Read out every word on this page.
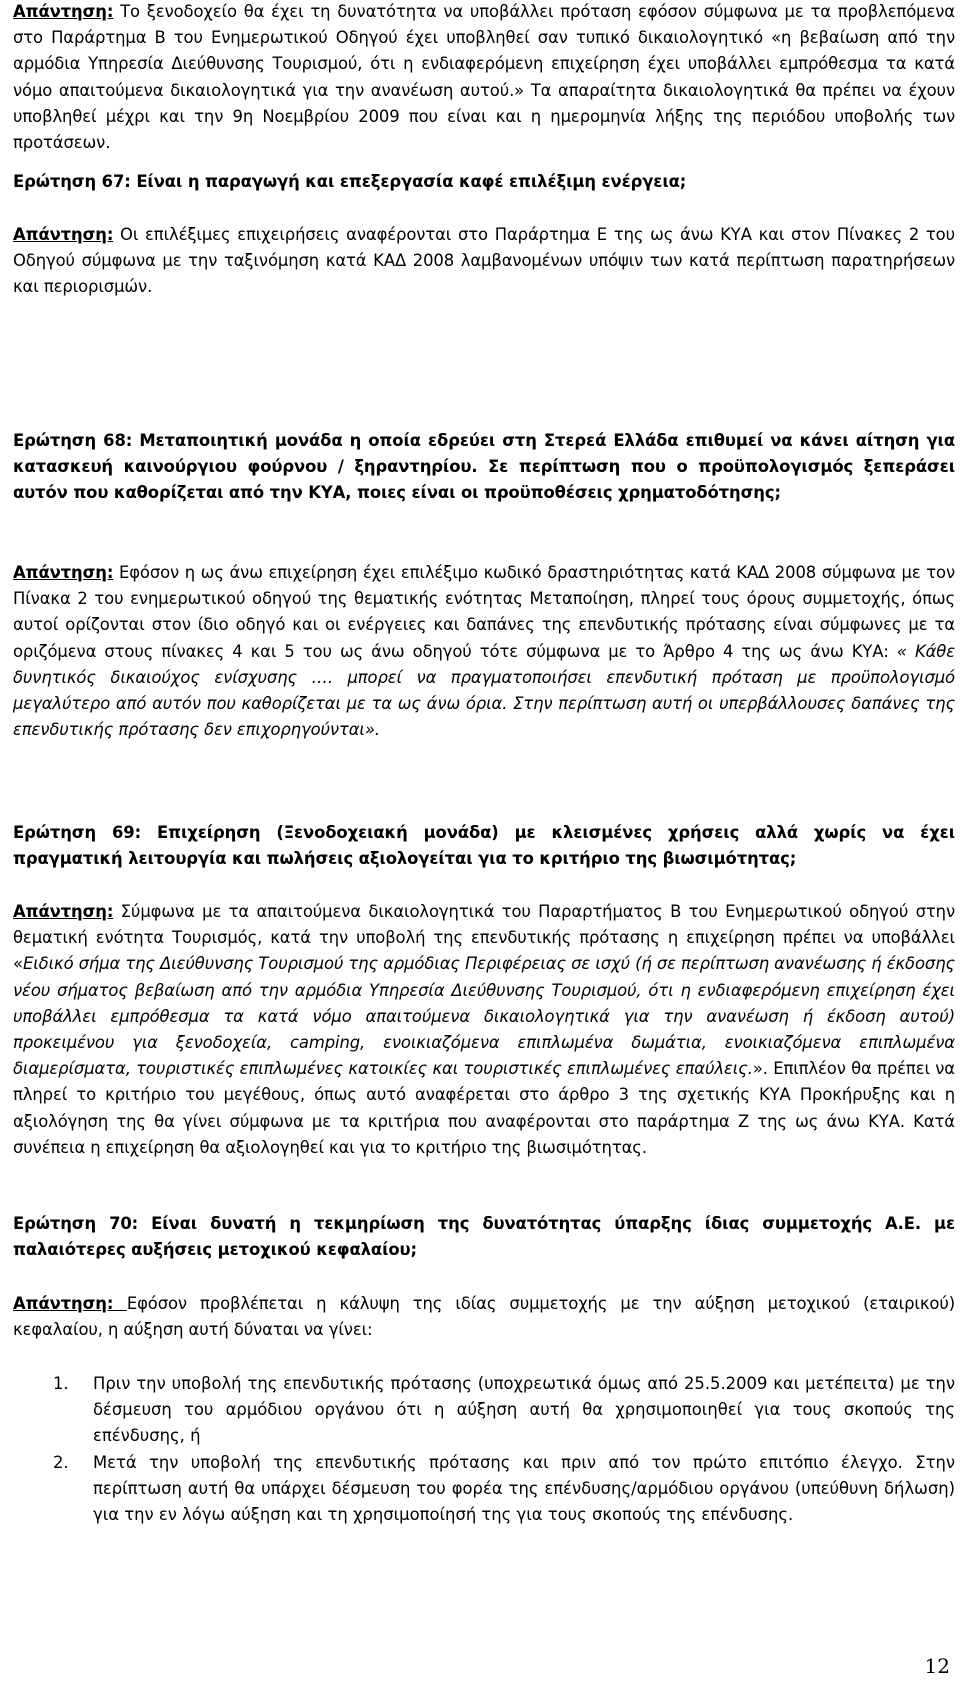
Απάντηση: Το ξενοδοχείο θα έχει τη δυνατότητα να υποβάλλει πρόταση εφόσον σύμφωνα με τα προβλεπόμενα στο Παράρτημα Β του Ενημερωτικού Οδηγού έχει υποβληθεί σαν τυπικό δικαιολογητικό «η βεβαίωση από την αρμόδια Υπηρεσία Διεύθυνσης Τουρισμού, ότι η ενδιαφερόμενη επιχείρηση έχει υποβάλλει εμπρόθεσμα τα κατά νόμο απαιτούμενα δικαιολογητικά για την ανανέωση αυτού.» Τα απαραίτητα δικαιολογητικά θα πρέπει να έχουν υποβληθεί μέχρι και την 9η Νοεμβρίου 2009 που είναι και η ημερομηνία λήξης της περιόδου υποβολής των προτάσεων.

Ερώτηση 67: Είναι η παραγωγή και επεξεργασία καφέ επιλέξιμη ενέργεια;

Απάντηση: Οι επιλέξιμες επιχειρήσεις αναφέρονται στο Παράρτημα Ε της ως άνω ΚΥΑ και στον Πίνακες 2 του Οδηγού σύμφωνα με την ταξινόμηση κατά ΚΑΔ 2008 λαμβανομένων υπόψιν των κατά περίπτωση παρατηρήσεων και περιορισμών.

Ερώτηση 68: Μεταποιητική μονάδα η οποία εδρεύει στη Στερεά Ελλάδα επιθυμεί να κάνει αίτηση για κατασκευή καινούργιου φούρνου / ξηραντηρίου. Σε περίπτωση που ο προϋπολογισμός ξεπεράσει αυτόν που καθορίζεται από την ΚΥΑ, ποιες είναι οι προϋποθέσεις χρηματοδότησης;

Απάντηση: Εφόσον η ως άνω επιχείρηση έχει επιλέξιμο κωδικό δραστηριότητας κατά ΚΑΔ 2008 σύμφωνα με τον Πίνακα 2 του ενημερωτικού οδηγού της θεματικής ενότητας Μεταποίηση, πληρεί τους όρους συμμετοχής, όπως αυτοί ορίζονται στον ίδιο οδηγό και οι ενέργειες και δαπάνες της επενδυτικής πρότασης είναι σύμφωνες με τα οριζόμενα στους πίνακες 4 και 5 του ως άνω οδηγού τότε σύμφωνα με το Άρθρο 4 της ως άνω ΚΥΑ: « Κάθε δυνητικός δικαιούχος ενίσχυσης …. μπορεί να πραγματοποιήσει επενδυτική πρόταση με προϋπολογισμό μεγαλύτερο από αυτόν που καθορίζεται με τα ως άνω όρια. Στην περίπτωση αυτή οι υπερβάλλουσες δαπάνες της επενδυτικής πρότασης δεν επιχορηγούνται».

Ερώτηση 69: Επιχείρηση (Ξενοδοχειακή μονάδα) με κλεισμένες χρήσεις αλλά χωρίς να έχει πραγματική λειτουργία και πωλήσεις αξιολογείται για το κριτήριο της βιωσιμότητας;

Απάντηση: Σύμφωνα με τα απαιτούμενα δικαιολογητικά του Παραρτήματος Β του Ενημερωτικού οδηγού στην θεματική ενότητα Τουρισμός, κατά την υποβολή της επενδυτικής πρότασης η επιχείρηση πρέπει να υποβάλλει «Ειδικό σήμα της Διεύθυνσης Τουρισμού της αρμόδιας Περιφέρειας σε ισχύ (ή σε περίπτωση ανανέωσης ή έκδοσης νέου σήματος βεβαίωση από την αρμόδια Υπηρεσία Διεύθυνσης Τουρισμού, ότι η ενδιαφερόμενη επιχείρηση έχει υποβάλλει εμπρόθεσμα τα κατά νόμο απαιτούμενα δικαιολογητικά για την ανανέωση ή έκδοση αυτού) προκειμένου για ξενοδοχεία, camping, ενοικιαζόμενα επιπλωμένα δωμάτια, ενοικιαζόμενα επιπλωμένα διαμερίσματα, τουριστικές επιπλωμένες κατοικίες και τουριστικές επιπλωμένες επαύλεις.». Επιπλέον θα πρέπει να πληρεί το κριτήριο του μεγέθους, όπως αυτό αναφέρεται στο άρθρο 3 της σχετικής ΚΥΑ Προκήρυξης και η αξιολόγηση της θα γίνει σύμφωνα με τα κριτήρια που αναφέρονται στο παράρτημα Ζ της ως άνω ΚΥΑ. Κατά συνέπεια η επιχείρηση θα αξιολογηθεί και για το κριτήριο της βιωσιμότητας.

Ερώτηση 70: Είναι δυνατή η τεκμηρίωση της δυνατότητας ύπαρξης ίδιας συμμετοχής Α.Ε. με παλαιότερες αυξήσεις μετοχικού κεφαλαίου;

Απάντηση: Εφόσον προβλέπεται η κάλυψη της ιδίας συμμετοχής με την αύξηση μετοχικού (εταιρικού) κεφαλαίου, η αύξηση αυτή δύναται να γίνει:

1. Πριν την υποβολή της επενδυτικής πρότασης (υποχρεωτικά όμως από 25.5.2009 και μετέπειτα) με την δέσμευση του αρμόδιου οργάνου ότι η αύξηση αυτή θα χρησιμοποιηθεί για τους σκοπούς της επένδυσης, ή
2. Μετά την υποβολή της επενδυτικής πρότασης και πριν από τον πρώτο επιτόπιο έλεγχο. Στην περίπτωση αυτή θα υπάρχει δέσμευση του φορέα της επένδυσης/αρμόδιου οργάνου (υπεύθυνη δήλωση) για την εν λόγω αύξηση και τη χρησιμοποίησή της για τους σκοπούς της επένδυσης.
12
